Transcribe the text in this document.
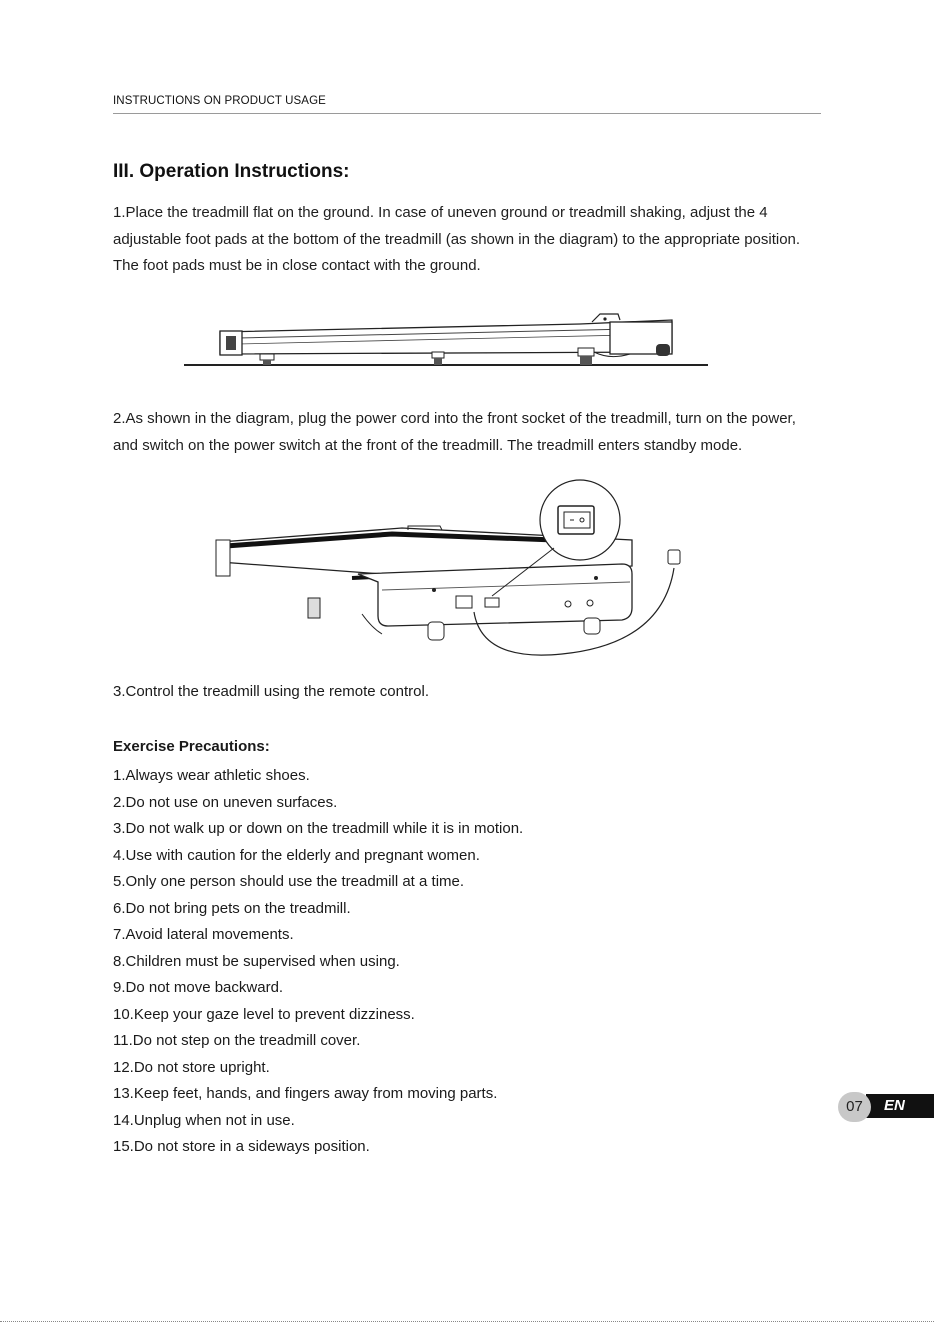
INSTRUCTIONS ON PRODUCT USAGE
III. Operation Instructions:
1.Place the treadmill flat on the ground. In case of uneven ground or treadmill shaking, adjust the 4 adjustable foot pads at the bottom of the treadmill (as shown in the diagram) to the appropriate position. The foot pads must be in close contact with the ground.
2.As shown in the diagram, plug the power cord into the front socket of the treadmill, turn on the power, and switch on the power switch at the front of the treadmill. The treadmill enters standby mode.
3.Control the treadmill using the remote control.
Exercise Precautions:
1.Always wear athletic shoes.
2.Do not use on uneven surfaces.
3.Do not walk up or down on the treadmill while it is in motion.
4.Use with caution for the elderly and pregnant women.
5.Only one person should use the treadmill at a time.
6.Do not bring pets on the treadmill.
7.Avoid lateral movements.
8.Children must be supervised when using.
9.Do not move backward.
10.Keep your gaze level to prevent dizziness.
11.Do not step on the treadmill cover.
12.Do not store upright.
13.Keep feet, hands, and fingers away from moving parts.
14.Unplug when not in use.
15.Do not store in a sideways position.
EN
07
